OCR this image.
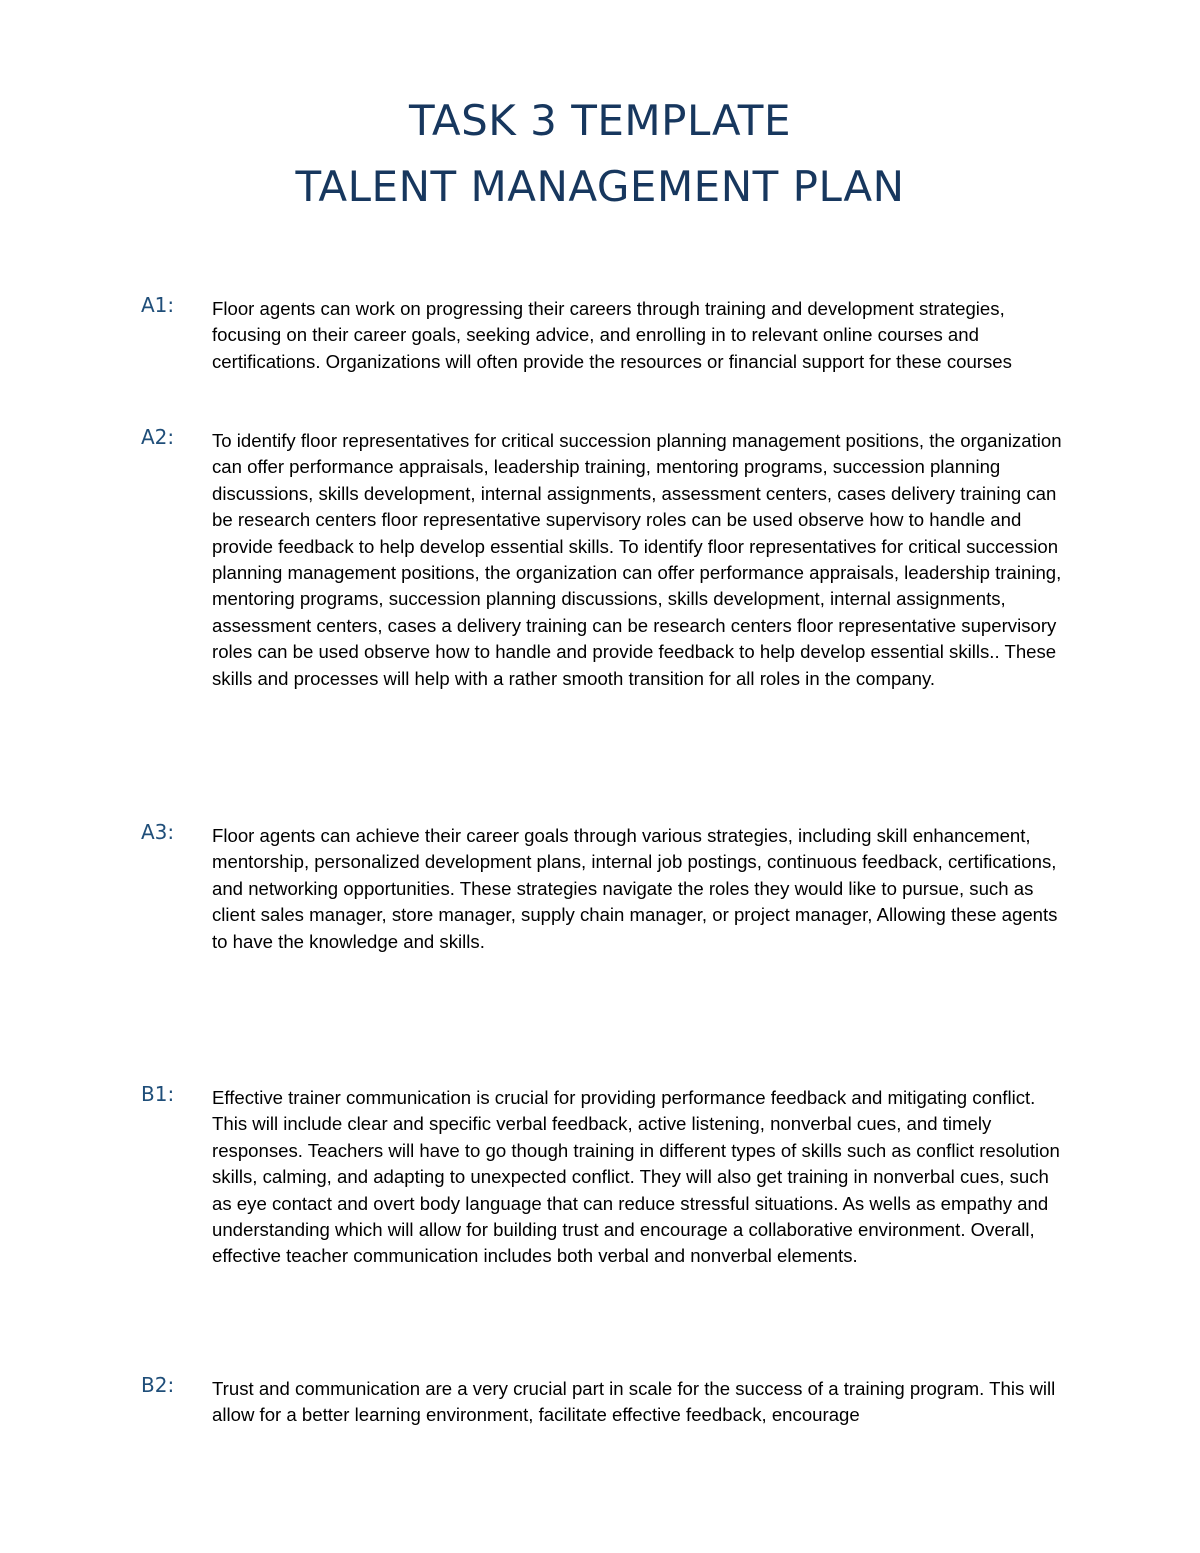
TASK 3 TEMPLATE
TALENT MANAGEMENT PLAN
A1: Floor agents can work on progressing their careers through training and development strategies, focusing on their career goals, seeking advice, and enrolling in to relevant online courses and certifications. Organizations will often provide the resources or financial support for these courses
A2: To identify floor representatives for critical succession planning management positions, the organization can offer performance appraisals, leadership training, mentoring programs, succession planning discussions, skills development, internal assignments, assessment centers, cases delivery training can be research centers floor representative supervisory roles can be used observe how to handle and provide feedback to help develop essential skills. To identify floor representatives for critical succession planning management positions, the organization can offer performance appraisals, leadership training, mentoring programs, succession planning discussions, skills development, internal assignments, assessment centers, cases a delivery training can be research centers floor representative supervisory roles can be used observe how to handle and provide feedback to help develop essential skills.. These skills and processes will help with a rather smooth transition for all roles in the company.
A3: Floor agents can achieve their career goals through various strategies, including skill enhancement, mentorship, personalized development plans, internal job postings, continuous feedback, certifications, and networking opportunities. These strategies navigate the roles they would like to pursue, such as client sales manager, store manager, supply chain manager, or project manager, Allowing these agents to have the knowledge and skills.
B1: Effective trainer communication is crucial for providing performance feedback and mitigating conflict. This will include clear and specific verbal feedback, active listening, nonverbal cues, and timely responses. Teachers will have to go though training in different types of skills such as conflict resolution skills, calming, and adapting to unexpected conflict. They will also get training in nonverbal cues, such as eye contact and overt body language that can reduce stressful situations. As wells as empathy and understanding which will allow for building trust and encourage a collaborative environment. Overall, effective teacher communication includes both verbal and nonverbal elements.
B2: Trust and communication are a very crucial part in scale for the success of a training program. This will allow for a better learning environment, facilitate effective feedback, encourage
